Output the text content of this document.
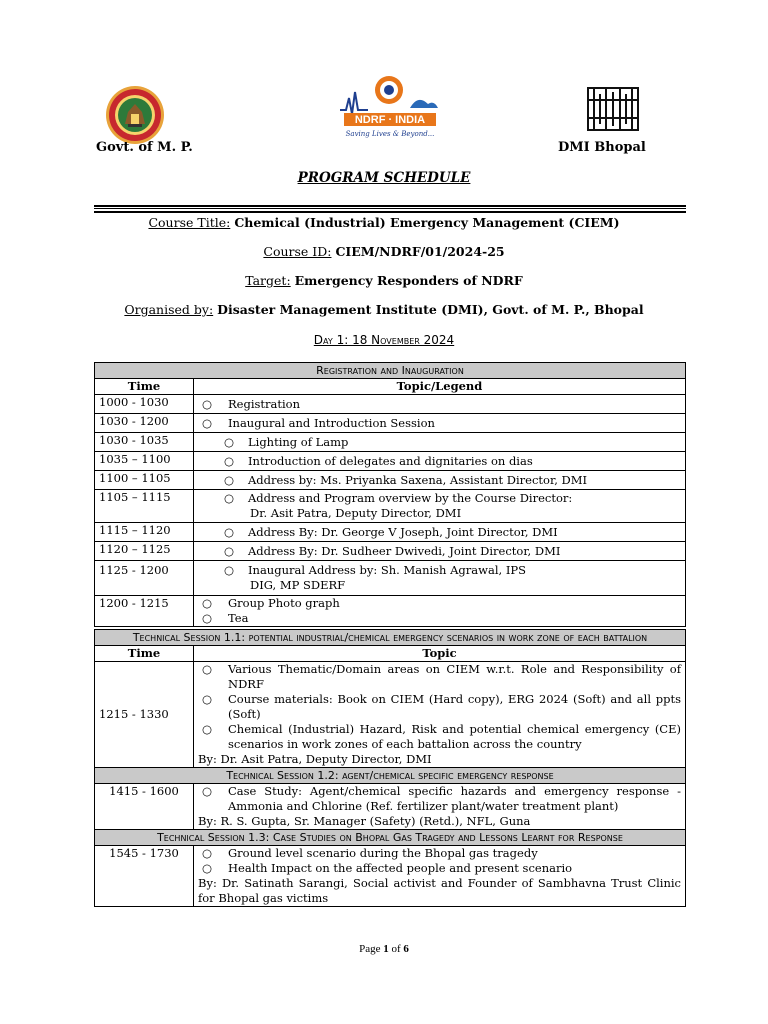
NDRF · INDIA
Saving Lives & Beyond...
Govt. of M. P.	DMI Bhopal
PROGRAM SCHEDULE
Course Title: Chemical (Industrial) Emergency Management (CIEM)
Course ID: CIEM/NDRF/01/2024-25
Target: Emergency Responders of NDRF
Organised by: Disaster Management Institute (DMI), Govt. of M. P., Bhopal
Day 1: 18 November 2024
Registration and Inauguration	
Time	Topic/Legend
1000 - 1030	○ Registration

1030 - 1200	○ Inaugural and Introduction Session

1030 - 1035	○ Lighting of Lamp

1035 – 1100	○ Introduction of delegates and dignitaries on dias

1100 – 1105	○ Address by: Ms. Priyanka Saxena, Assistant Director, DMI

1105 – 1115	○ Address and Program overview by the Course Director:
Dr. Asit Patra, Deputy Director, DMI

1115 – 1120	○ Address By: Dr. George V Joseph, Joint Director, DMI

1120 – 1125	○ Address By: Dr. Sudheer Dwivedi, Joint Director, DMI

1125 - 1200	○ Inaugural Address by: Sh. Manish Agrawal, IPS
DIG, MP SDERF

1200 - 1215	○ Group Photo graph
○ Tea
Technical Session 1.1: potential industrial/chemical emergency scenarios in work zone of each battalion	
Time	Topic
1215 - 1330	○ Various Thematic/Domain areas on CIEM w.r.t. Role and Responsibility of NDRF
○ Course materials: Book on CIEM (Hard copy), ERG 2024 (Soft) and all ppts (Soft)
○ Chemical (Industrial) Hazard, Risk and potential chemical emergency (CE) scenarios in work zones of each battalion across the country
By: Dr. Asit Patra, Deputy Director, DMI

Technical Session 1.2: agent/chemical specific emergency response	
1415 - 1600	○ Case Study: Agent/chemical specific hazards and emergency response - Ammonia and Chlorine (Ref. fertilizer plant/water treatment plant)
By: R. S. Gupta, Sr. Manager (Safety) (Retd.), NFL, Guna

Technical Session 1.3: Case Studies on Bhopal Gas Tragedy and Lessons Learnt for Response	
1545 - 1730	○ Ground level scenario during the Bhopal gas tragedy
○ Health Impact on the affected people and present scenario
By: Dr. Satinath Sarangi, Social activist and Founder of Sambhavna Trust Clinic for Bhopal gas victims
Page 1 of 6
